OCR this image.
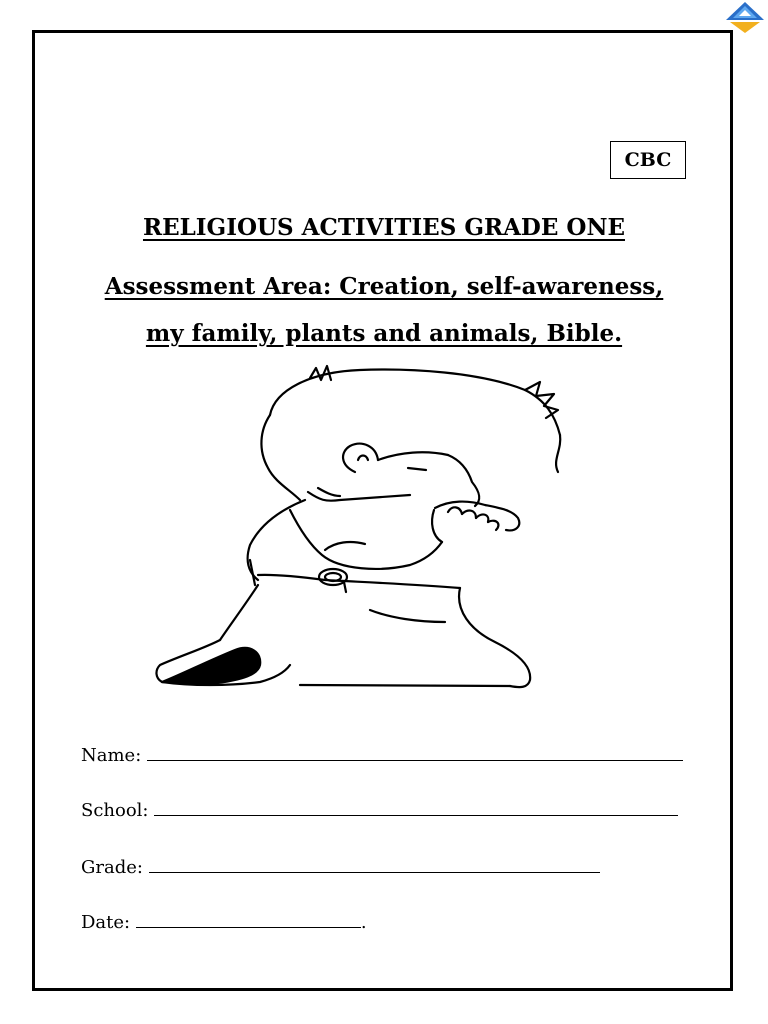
CBC
RELIGIOUS ACTIVITIES GRADE ONE
Assessment Area: Creation, self-awareness,
my family, plants and animals, Bible.
Name:
School:
Grade:
Date:	.
